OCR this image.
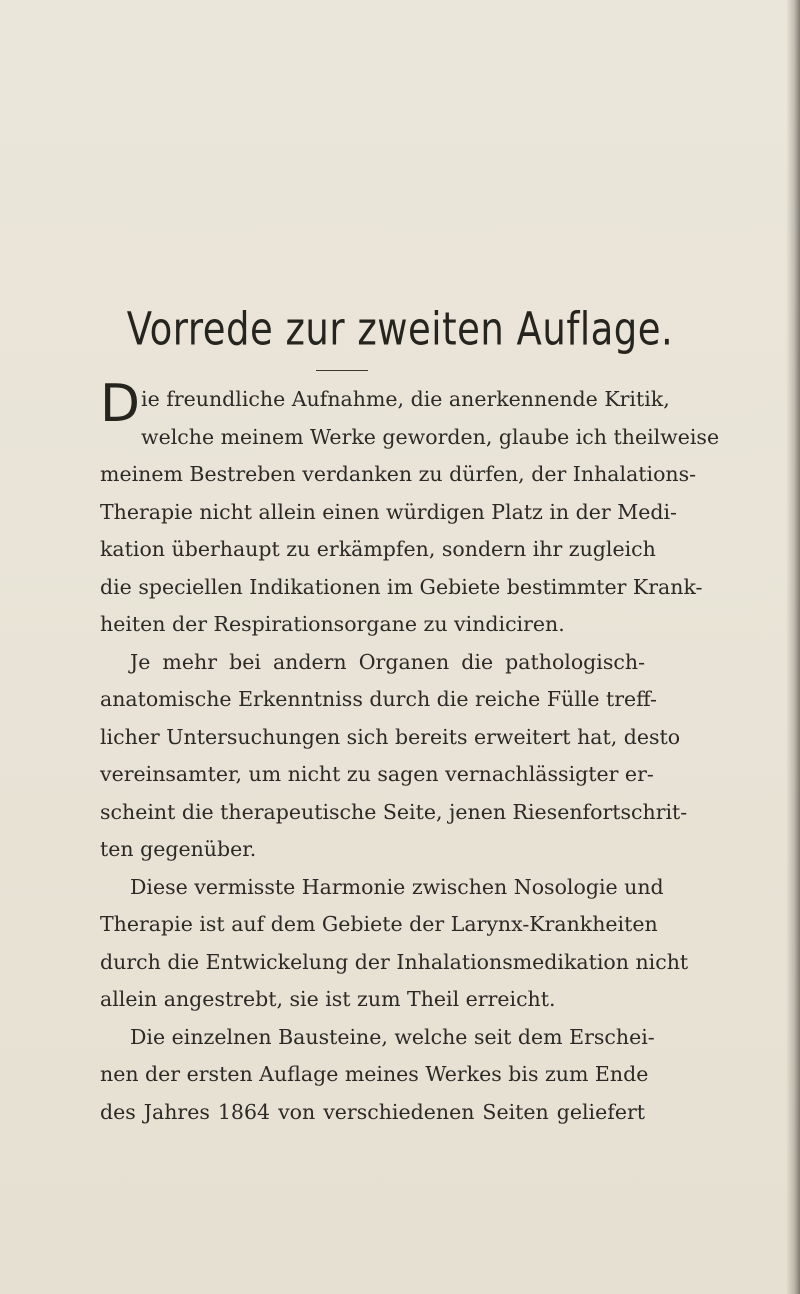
Vorrede zur zweiten Auflage.
D ie freundliche Aufnahme, die anerkennende Kritik,
welche meinem Werke geworden, glaube ich theilweise
meinem Bestreben verdanken zu dürfen, der Inhalations-
Therapie nicht allein einen würdigen Platz in der Medi-
kation überhaupt zu erkämpfen, sondern ihr zugleich
die speciellen Indikationen im Gebiete bestimmter Krank-
heiten der Respirationsorgane zu vindiciren.
Je mehr bei andern Organen die pathologisch-
anatomische Erkenntniss durch die reiche Fülle treff-
licher Untersuchungen sich bereits erweitert hat, desto
vereinsamter, um nicht zu sagen vernachlässigter er-
scheint die therapeutische Seite, jenen Riesenfortschrit-
ten gegenüber.
Diese vermisste Harmonie zwischen Nosologie und
Therapie ist auf dem Gebiete der Larynx-Krankheiten
durch die Entwickelung der Inhalationsmedikation nicht
allein angestrebt, sie ist zum Theil erreicht.
Die einzelnen Bausteine, welche seit dem Erschei-
nen der ersten Auflage meines Werkes bis zum Ende
des Jahres 1864 von verschiedenen Seiten geliefert
